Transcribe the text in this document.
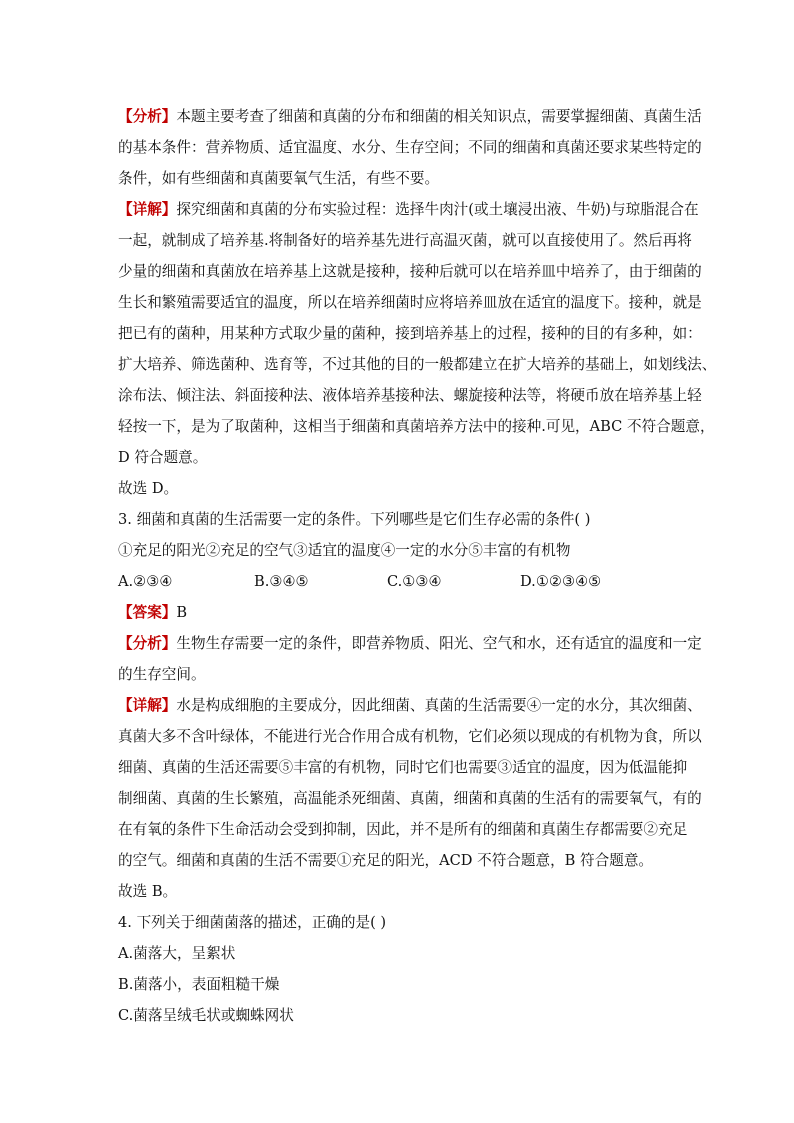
【分析】本题主要考查了细菌和真菌的分布和细菌的相关知识点，需要掌握细菌、真菌生活
的基本条件：营养物质、适宜温度、水分、生存空间；不同的细菌和真菌还要求某些特定的
条件，如有些细菌和真菌要氧气生活，有些不要。
【详解】探究细菌和真菌的分布实验过程：选择牛肉汁(或土壤浸出液、牛奶)与琼脂混合在
一起，就制成了培养基.将制备好的培养基先进行高温灭菌，就可以直接使用了。然后再将
少量的细菌和真菌放在培养基上这就是接种，接种后就可以在培养皿中培养了，由于细菌的
生长和繁殖需要适宜的温度，所以在培养细菌时应将培养皿放在适宜的温度下。接种，就是
把已有的菌种，用某种方式取少量的菌种，接到培养基上的过程，接种的目的有多种，如：
扩大培养、筛选菌种、选育等，不过其他的目的一般都建立在扩大培养的基础上，如划线法、
涂布法、倾注法、斜面接种法、液体培养基接种法、螺旋接种法等，将硬币放在培养基上轻
轻按一下，是为了取菌种，这相当于细菌和真菌培养方法中的接种.可见，ABC 不符合题意，
D 符合题意。
故选 D。
3. 细菌和真菌的生活需要一定的条件。下列哪些是它们生存必需的条件( )
①充足的阳光②充足的空气③适宜的温度④一定的水分⑤丰富的有机物
A.②③④	B.③④⑤	C.①③④	D.①②③④⑤
【答案】B
【分析】生物生存需要一定的条件，即营养物质、阳光、空气和水，还有适宜的温度和一定
的生存空间。
【详解】水是构成细胞的主要成分，因此细菌、真菌的生活需要④一定的水分，其次细菌、
真菌大多不含叶绿体，不能进行光合作用合成有机物，它们必须以现成的有机物为食，所以
细菌、真菌的生活还需要⑤丰富的有机物，同时它们也需要③适宜的温度，因为低温能抑
制细菌、真菌的生长繁殖，高温能杀死细菌、真菌，细菌和真菌的生活有的需要氧气，有的
在有氧的条件下生命活动会受到抑制，因此，并不是所有的细菌和真菌生存都需要②充足
的空气。细菌和真菌的生活不需要①充足的阳光，ACD 不符合题意，B 符合题意。
故选 B。
4. 下列关于细菌菌落的描述，正确的是( )
A.菌落大，呈絮状
B.菌落小，表面粗糙干燥
C.菌落呈绒毛状或蜘蛛网状
